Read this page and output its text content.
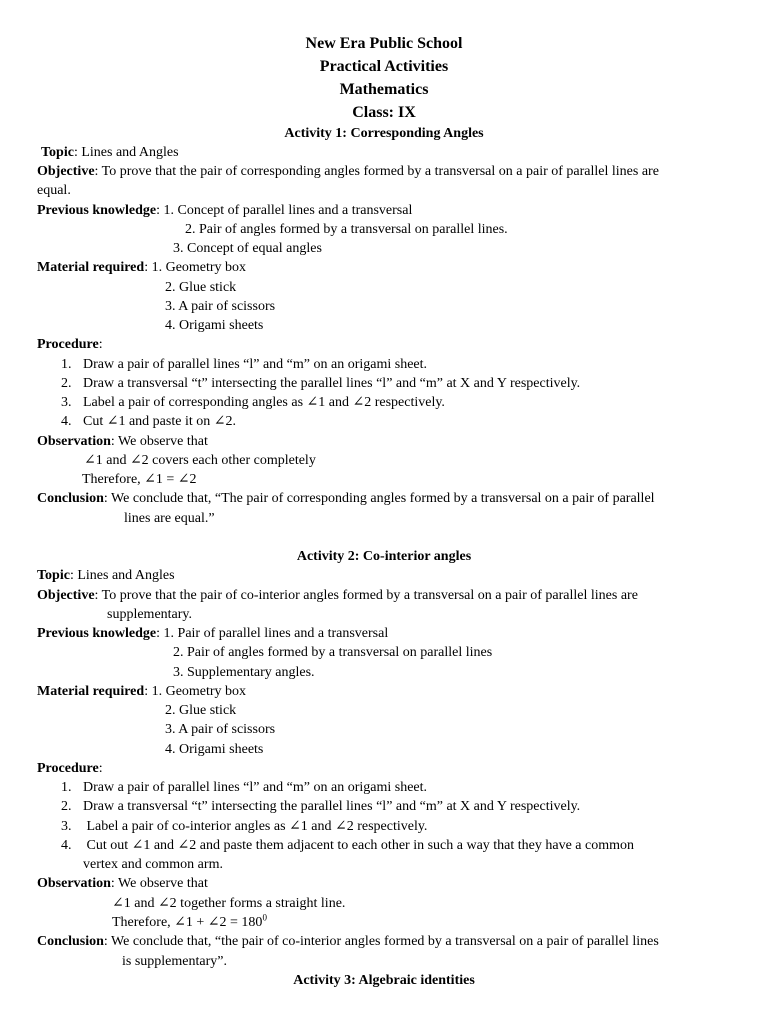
New Era Public School
Practical Activities
Mathematics
Class: IX
Activity 1: Corresponding Angles
Topic: Lines and Angles
Objective: To prove that the pair of corresponding angles formed by a transversal on a pair of parallel lines are
equal.
Previous knowledge: 1. Concept of parallel lines and a transversal
2. Pair of angles formed by a transversal on parallel lines.
3. Concept of equal angles
Material required: 1. Geometry box
2. Glue stick
3. A pair of scissors
4. Origami sheets
Procedure:
1. Draw a pair of parallel lines “l” and “m” on an origami sheet.
2. Draw a transversal “t” intersecting the parallel lines “l” and “m” at X and Y respectively.
3. Label a pair of corresponding angles as ∠1 and ∠2 respectively.
4. Cut ∠1 and paste it on ∠2.
Observation: We observe that
∠1 and ∠2 covers each other completely
Therefore, ∠1 = ∠2
Conclusion: We conclude that, “The pair of corresponding angles formed by a transversal on a pair of parallel
lines are equal.”
Activity 2: Co-interior angles
Topic: Lines and Angles
Objective: To prove that the pair of co-interior angles formed by a transversal on a pair of parallel lines are
supplementary.
Previous knowledge: 1. Pair of parallel lines and a transversal
2. Pair of angles formed by a transversal on parallel lines
3. Supplementary angles.
Material required: 1. Geometry box
2. Glue stick
3. A pair of scissors
4. Origami sheets
Procedure:
1. Draw a pair of parallel lines “l” and “m” on an origami sheet.
2. Draw a transversal “t” intersecting the parallel lines “l” and “m” at X and Y respectively.
3. Label a pair of co-interior angles as ∠1 and ∠2 respectively.
4. Cut out ∠1 and ∠2 and paste them adjacent to each other in such a way that they have a common
vertex and common arm.
Observation: We observe that
∠1 and ∠2 together forms a straight line.
Therefore, ∠1 + ∠2 = $180^0$
Conclusion: We conclude that, “the pair of co-interior angles formed by a transversal on a pair of parallel lines
is supplementary”.
Activity 3: Algebraic identities
